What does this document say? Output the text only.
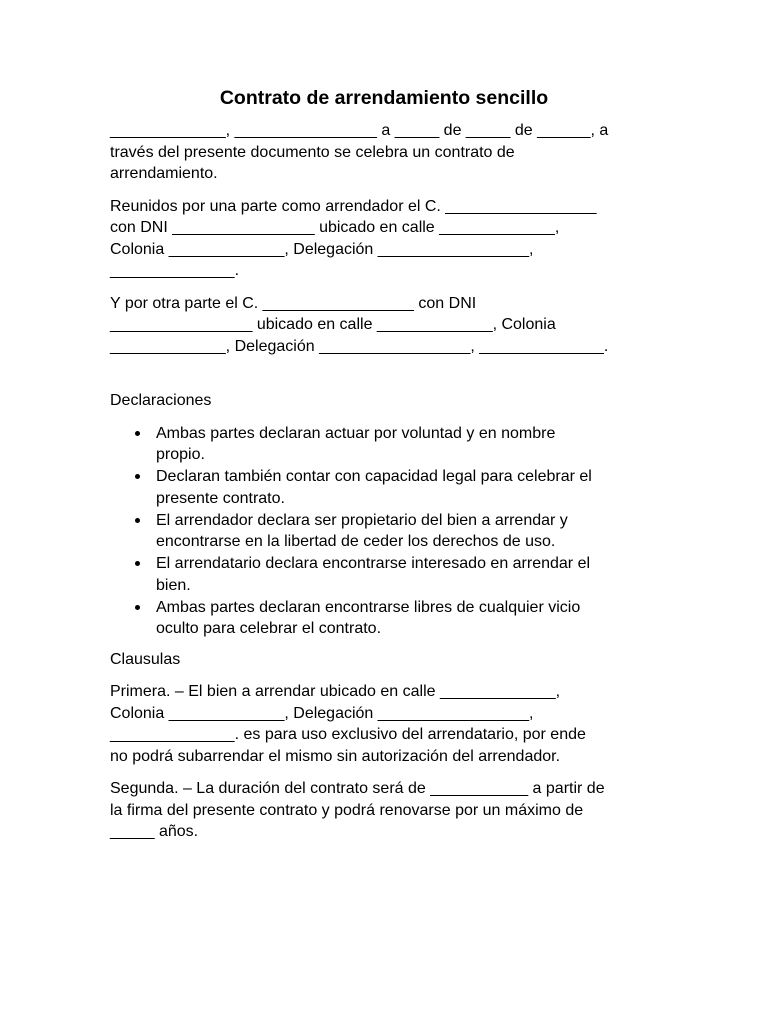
Contrato de arrendamiento sencillo

_____________, ________________ a _____ de _____ de ______, a
través del presente documento se celebra un contrato de
arrendamiento.

Reunidos por una parte como arrendador el C. _________________
con DNI ________________ ubicado en calle _____________,
Colonia _____________, Delegación _________________,
______________.

Y por otra parte el C. _________________ con DNI
________________ ubicado en calle _____________, Colonia
_____________, Delegación _________________, ______________.

Declaraciones

Ambas partes declaran actuar por voluntad y en nombre
propio.
Declaran también contar con capacidad legal para celebrar el
presente contrato.
El arrendador declara ser propietario del bien a arrendar y
encontrarse en la libertad de ceder los derechos de uso.
El arrendatario declara encontrarse interesado en arrendar el
bien.
Ambas partes declaran encontrarse libres de cualquier vicio
oculto para celebrar el contrato.

Clausulas

Primera. – El bien a arrendar ubicado en calle _____________,
Colonia _____________, Delegación _________________,
______________. es para uso exclusivo del arrendatario, por ende
no podrá subarrendar el mismo sin autorización del arrendador.

Segunda. – La duración del contrato será de ___________ a partir de
la firma del presente contrato y podrá renovarse por un máximo de
_____ años.
